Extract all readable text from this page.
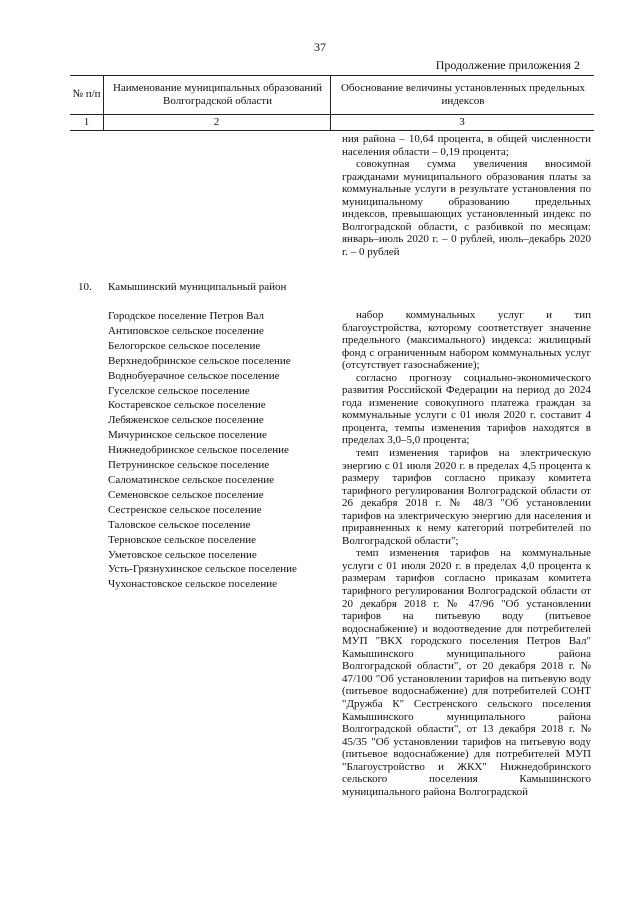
37
Продолжение приложения 2
№ п/п
Наименование муниципальных образований Волгоградской области
Обоснование величины установленных предельных индексов
1	2	3

ния района – 10,64 процента, в общей численности населения области – 0,19 процента;

совокупная сумма увеличения вносимой гражданами муниципального образования платы за коммунальные услуги в результате установления по муниципальному образованию предельных индексов, превышающих установленный индекс по Волгоградской области, с разбивкой по месяцам: январь–июль 2020 г. – 0 рублей, июль–декабрь 2020 г. – 0 рублей

10. Камышинский муниципальный район
Городское поселение Петров Вал
Антиповское сельское поселение
Белогорское сельское поселение
Верхнедобринское сельское поселение
Воднобуерачное сельское поселение
Гуселское сельское поселение
Костаревское сельское поселение
Лебяженское сельское поселение
Мичуринское сельское поселение
Нижнедобринское сельское поселение
Петрунинское сельское поселение
Саломатинское сельское поселение
Семеновское сельское поселение
Сестренское сельское поселение
Таловское сельское поселение
Терновское сельское поселение
Уметовское сельское поселение
Усть-Грязнухинское сельское поселение
Чухонастовское сельское поселение

набор коммунальных услуг и тип благоустройства, которому соответствует значение предельного (максимального) индекса: жилищный фонд с ограниченным набором коммунальных услуг (отсутствует газоснабжение);

согласно прогнозу социально-экономического развития Российской Федерации на период до 2024 года изменение совокупного платежа граждан за коммунальные услуги с 01 июля 2020 г. составит 4 процента, темпы изменения тарифов находятся в пределах 3,0–5,0 процента;

темп изменения тарифов на электрическую энергию с 01 июля 2020 г. в пределах 4,5 процента к размеру тарифов согласно приказу комитета тарифного регулирования Волгоградской области от 26 декабря 2018 г. № 48/3 "Об установлении тарифов на электрическую энергию для населения и приравненных к нему категорий потребителей по Волгоградской области";

темп изменения тарифов на коммунальные услуги с 01 июля 2020 г. в пределах 4,0 процента к размерам тарифов согласно приказам комитета тарифного регулирования Волгоградской области от 20 декабря 2018 г. № 47/96 "Об установлении тарифов на питьевую воду (питьевое водоснабжение) и водоотведение для потребителей МУП "ВКХ городского поселения Петров Вал" Камышинского муниципального района Волгоградской области", от 20 декабря 2018 г. № 47/100 "Об установлении тарифов на питьевую воду (питьевое водоснабжение) для потребителей СОНТ "Дружба К" Сестренского сельского поселения Камышинского муниципального района Волгоградской области", от 13 декабря 2018 г. № 45/35 "Об установлении тарифов на питьевую воду (питьевое водоснабжение) для потребителей МУП "Благоустройство и ЖКХ" Нижнедобринского сельского поселения Камышинского муниципального района Волгоградской
